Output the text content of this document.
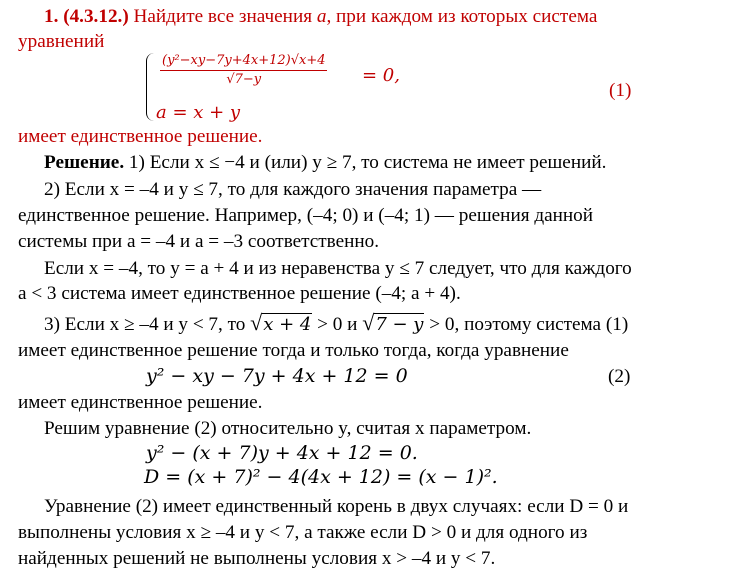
1. (4.3.12.) Найдите все значения a, при каждом из которых система
уравнений
$\frac{\text{(y²−xy−7y+4x+12)√x+4}}{√7-y} = 0$,
a = x + y
(1)
имеет единственное решение.
Решение. 1) Если x ≤ −4 и (или) y ≥ 7, то система не имеет решений.
2) Если x = –4 и y ≤ 7, то для каждого значения параметра —
единственное решение. Например, (–4; 0) и (–4; 1) — решения данной
системы при a = –4 и a = –3 соответственно.
Если x = –4, то y = a + 4 и из неравенства y ≤ 7 следует, что для каждого
a < 3 система имеет единственное решение (–4; a + 4).
3) Если x ≥ –4 и y < 7, то √x + 4 > 0 и √7 − y > 0, поэтому система (1)
имеет единственное решение тогда и только тогда, когда уравнение
y² − xy − 7y + 4x + 12 = 0	(2)
имеет единственное решение.
Решим уравнение (2) относительно y, считая x параметром.
y² − (x + 7)y + 4x + 12 = 0.
D = (x + 7)² − 4(4x + 12) = (x − 1)².
Уравнение (2) имеет единственный корень в двух случаях: если D = 0 и
выполнены условия x ≥ –4 и y < 7, а также если D > 0 и для одного из
найденных решений не выполнены условия x > –4 и y < 7.
